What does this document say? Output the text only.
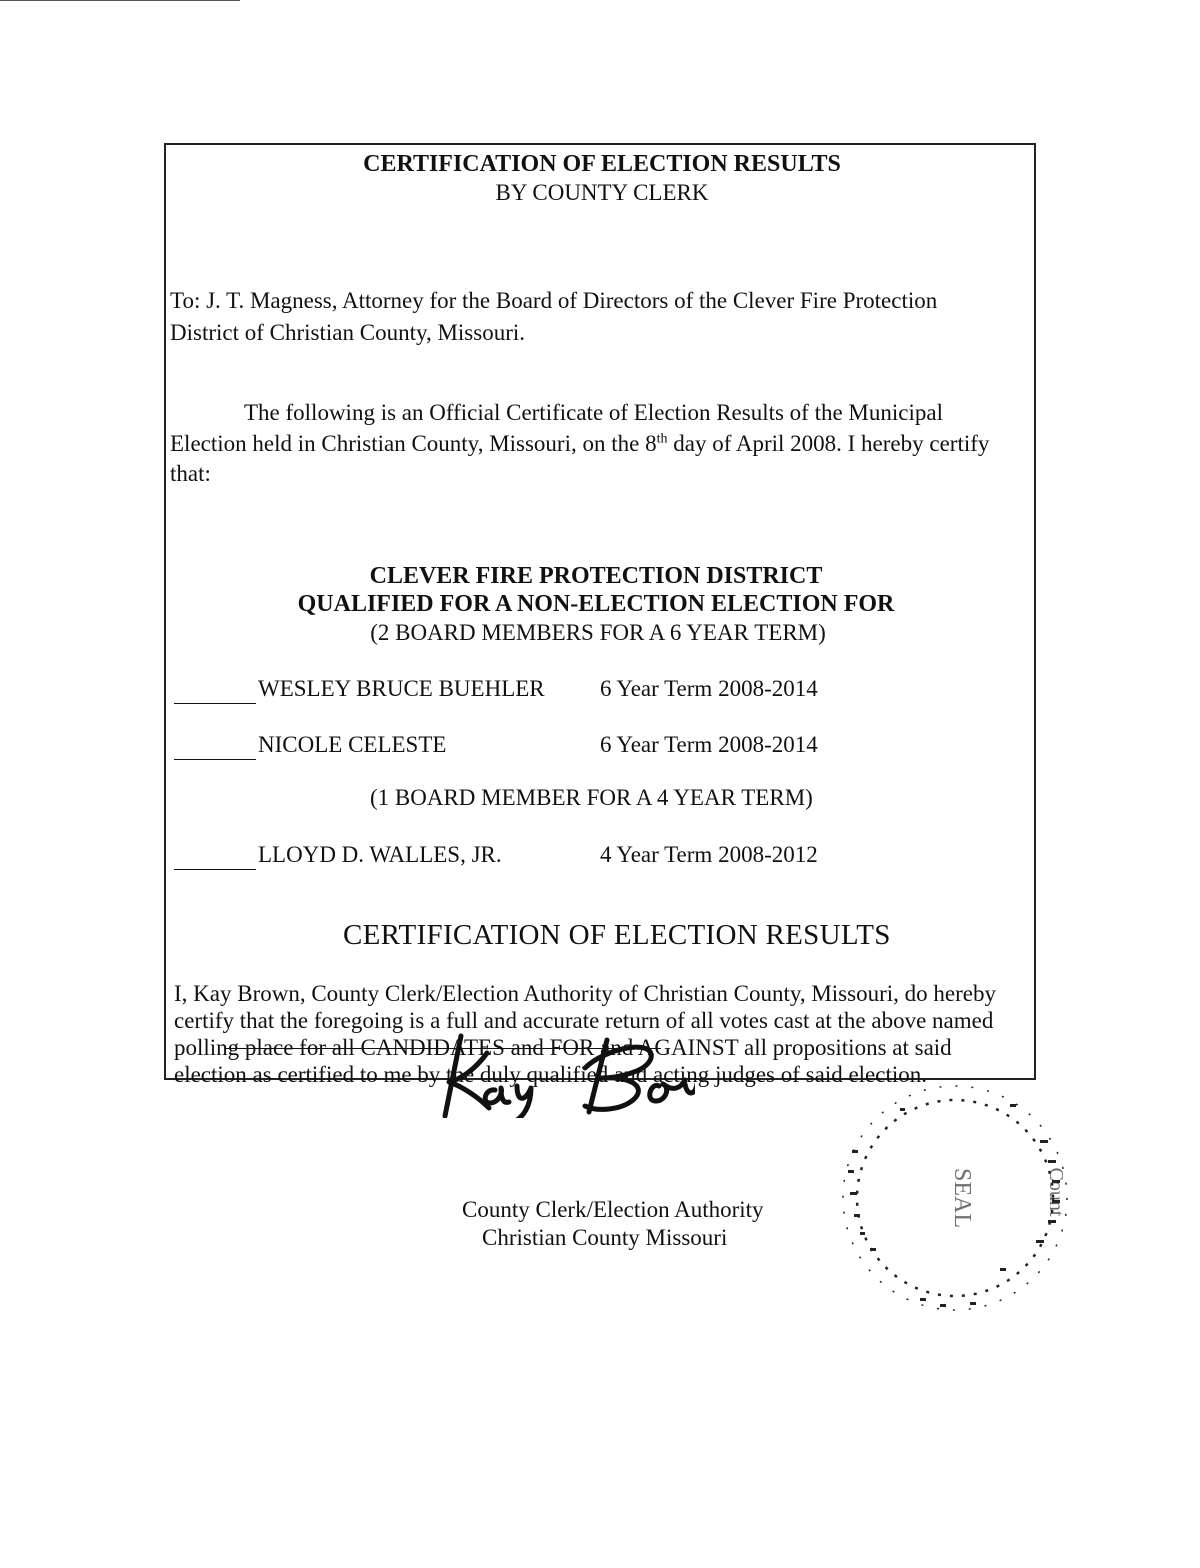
CERTIFICATION OF ELECTION RESULTS
BY COUNTY CLERK
To: J. T. Magness, Attorney for the Board of Directors of the Clever Fire Protection
District of Christian County, Missouri.
The following is an Official Certificate of Election Results of the Municipal
Election held in Christian County, Missouri, on the 8th day of April 2008. I hereby certify
that:
CLEVER FIRE PROTECTION DISTRICT
QUALIFIED FOR A NON-ELECTION ELECTION FOR
(2 BOARD MEMBERS FOR A 6 YEAR TERM)
WESLEY BRUCE BUEHLER 6 Year Term 2008-2014
NICOLE CELESTE	6 Year Term 2008-2014
(1 BOARD MEMBER FOR A 4 YEAR TERM)
LLOYD D. WALLES, JR.	4 Year Term 2008-2012
CERTIFICATION OF ELECTION RESULTS
I, Kay Brown, County Clerk/Election Authority of Christian County, Missouri, do hereby
certify that the foregoing is a full and accurate return of all votes cast at the above named
polling place for all CANDIDATES and FOR and AGAINST all propositions at said
election as certified to me by the duly qualified and acting judges of said election.
County Clerk/Election Authority
Christian County Missouri
SEAL	Count
